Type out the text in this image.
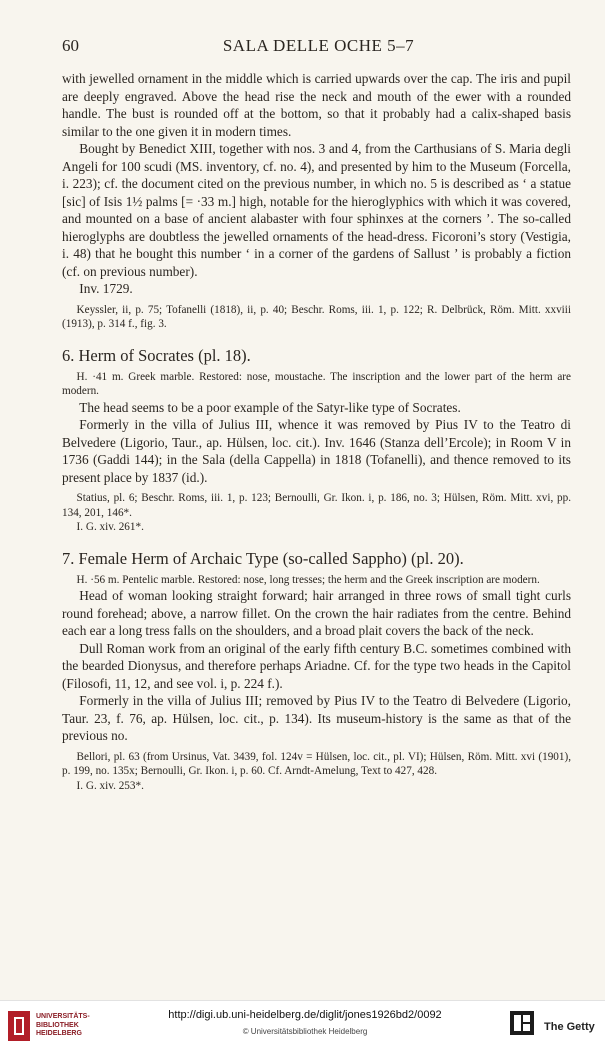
60	SALA DELLE OCHE 5–7

with jewelled ornament in the middle which is carried upwards over the cap. The iris and pupil are deeply engraved. Above the head rise the neck and mouth of the ewer with a rounded handle. The bust is rounded off at the bottom, so that it probably had a calix-shaped basis similar to the one given it in modern times.

Bought by Benedict XIII, together with nos. 3 and 4, from the Carthusians of S. Maria degli Angeli for 100 scudi (MS. inventory, cf. no. 4), and presented by him to the Museum (Forcella, i. 223); cf. the document cited on the previous number, in which no. 5 is described as ‘ a statue [sic] of Isis 1½ palms [= ·33 m.] high, notable for the hieroglyphics with which it was covered, and mounted on a base of ancient alabaster with four sphinxes at the corners ’. The so-called hieroglyphs are doubtless the jewelled ornaments of the head-dress. Ficoroni’s story (Vestigia, i. 48) that he bought this number ‘ in a corner of the gardens of Sallust ’ is probably a fiction (cf. on previous number).

Inv. 1729.

Keyssler, ii, p. 75; Tofanelli (1818), ii, p. 40; Beschr. Roms, iii. 1, p. 122; R. Delbrück, Röm. Mitt. xxviii (1913), p. 314 f., fig. 3.

6. Herm of Socrates (pl. 18).

H. ·41 m. Greek marble. Restored: nose, moustache. The inscription and the lower part of the herm are modern.

The head seems to be a poor example of the Satyr-like type of Socrates.

Formerly in the villa of Julius III, whence it was removed by Pius IV to the Teatro di Belvedere (Ligorio, Taur., ap. Hülsen, loc. cit.). Inv. 1646 (Stanza dell’Ercole); in Room V in 1736 (Gaddi 144); in the Sala (della Cappella) in 1818 (Tofanelli), and thence removed to its present place by 1837 (id.).

Statius, pl. 6; Beschr. Roms, iii. 1, p. 123; Bernoulli, Gr. Ikon. i, p. 186, no. 3; Hülsen, Röm. Mitt. xvi, pp. 134, 201, 146*.

I. G. xiv. 261*.

7. Female Herm of Archaic Type (so-called Sappho) (pl. 20).

H. ·56 m. Pentelic marble. Restored: nose, long tresses; the herm and the Greek inscription are modern.

Head of woman looking straight forward; hair arranged in three rows of small tight curls round forehead; above, a narrow fillet. On the crown the hair radiates from the centre. Behind each ear a long tress falls on the shoulders, and a broad plait covers the back of the neck.

Dull Roman work from an original of the early fifth century B.C. sometimes combined with the bearded Dionysus, and therefore perhaps Ariadne. Cf. for the type two heads in the Capitol (Filosofi, 11, 12, and see vol. i, p. 224 f.).

Formerly in the villa of Julius III; removed by Pius IV to the Teatro di Belvedere (Ligorio, Taur. 23, f. 76, ap. Hülsen, loc. cit., p. 134). Its museum-history is the same as that of the previous no.

Bellori, pl. 63 (from Ursinus, Vat. 3439, fol. 124v = Hülsen, loc. cit., pl. VI); Hülsen, Röm. Mitt. xvi (1901), p. 199, no. 135x; Bernoulli, Gr. Ikon. i, p. 60. Cf. Arndt-Amelung, Text to 427, 428.

I. G. xiv. 253*.

UNIVERSITÄTS-
BIBLIOTHEK
HEIDELBERG
http://digi.ub.uni-heidelberg.de/diglit/jones1926bd2/0092
© Universitätsbibliothek Heidelberg	The Getty
